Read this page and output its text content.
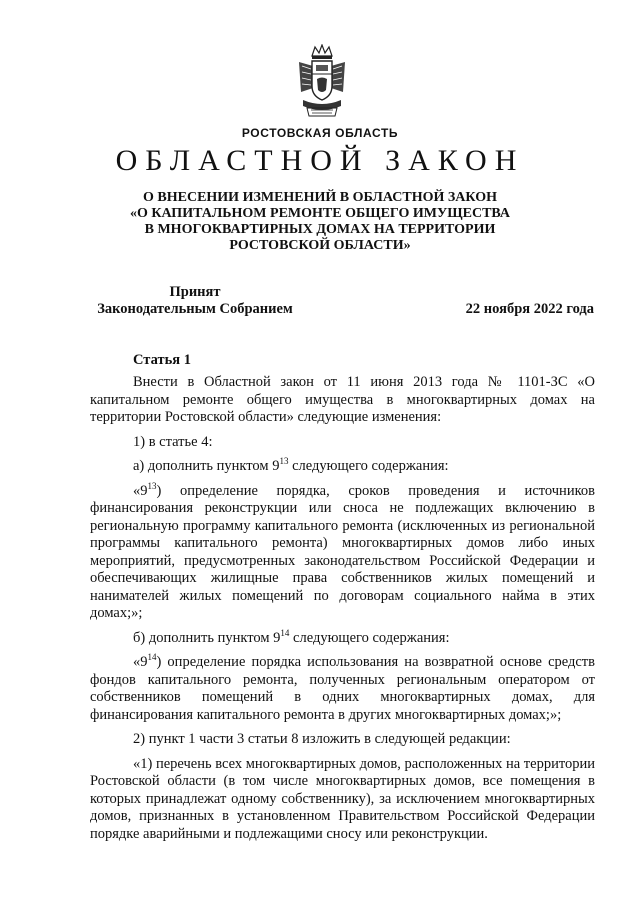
РОСТОВСКАЯ ОБЛАСТЬ
ОБЛАСТНОЙ ЗАКОН
О ВНЕСЕНИИ ИЗМЕНЕНИЙ В ОБЛАСТНОЙ ЗАКОН
«О КАПИТАЛЬНОМ РЕМОНТЕ ОБЩЕГО ИМУЩЕСТВА
В МНОГОКВАРТИРНЫХ ДОМАХ НА ТЕРРИТОРИИ
РОСТОВСКОЙ ОБЛАСТИ»
Принят
Законодательным Собранием	22 ноября 2022 года
Статья 1

Внести в Областной закон от 11 июня 2013 года № 1101-ЗС «О капитальном ремонте общего имущества в многоквартирных домах на территории Ростовской области» следующие изменения:

1) в статье 4:

а) дополнить пунктом $9^{13}$ следующего содержания:

«$9^{13}$) определение порядка, сроков проведения и источников финансирования реконструкции или сноса не подлежащих включению в региональную программу капитального ремонта (исключенных из региональной программы капитального ремонта) многоквартирных домов либо иных мероприятий, предусмотренных законодательством Российской Федерации и обеспечивающих жилищные права собственников жилых помещений и нанимателей жилых помещений по договорам социального найма в этих домах;»;

б) дополнить пунктом $9^{14}$ следующего содержания:

«$9^{14}$) определение порядка использования на возвратной основе средств фондов капитального ремонта, полученных региональным оператором от собственников помещений в одних многоквартирных домах, для финансирования капитального ремонта в других многоквартирных домах;»;

2) пункт 1 части 3 статьи 8 изложить в следующей редакции:

«1) перечень всех многоквартирных домов, расположенных на территории Ростовской области (в том числе многоквартирных домов, все помещения в которых принадлежат одному собственнику), за исключением многоквартирных домов, признанных в установленном Правительством Российской Федерации порядке аварийными и подлежащими сносу или реконструкции.
